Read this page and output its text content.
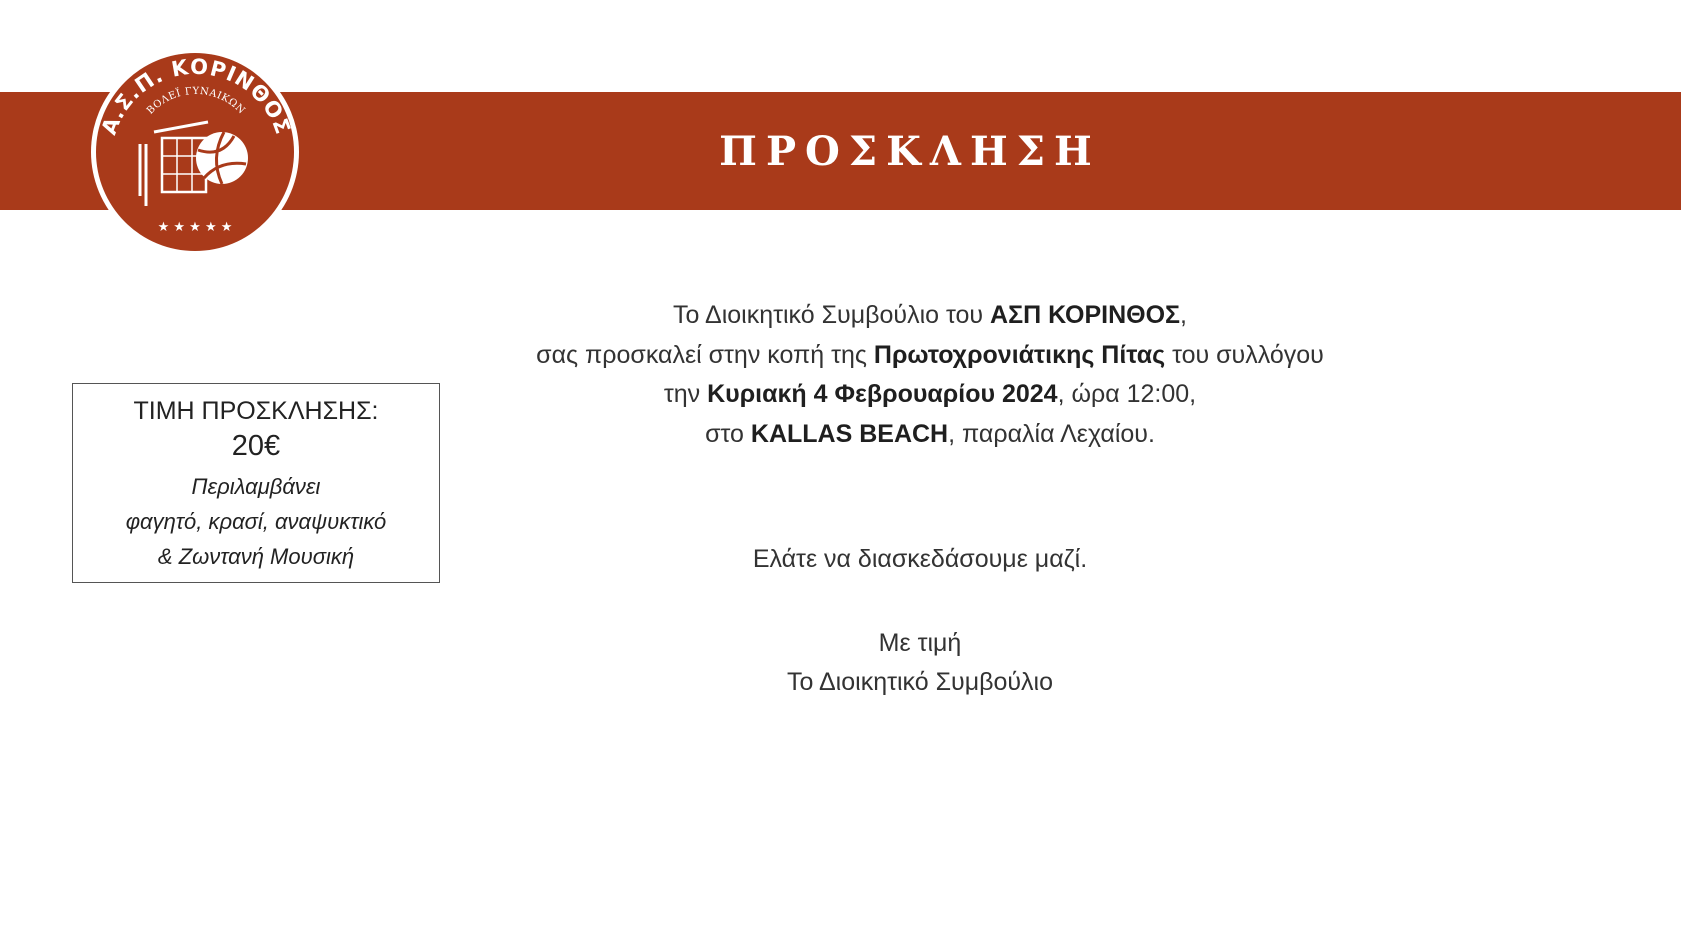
ΠΡΟΣΚΛΗΣΗ
Α.Σ.Π. ΚΟΡΙΝΘΟΣ
ΒΟΛΕΪ ΓΥΝΑΙΚΩΝ
★ ★ ★ ★ ★
ΤΙΜΗ ΠΡΟΣΚΛΗΣΗΣ:
20€
Περιλαμβάνει
φαγητό, κρασί, αναψυκτικό
& Ζωντανή Μουσική
Το Διοικητικό Συμβούλιο του ΑΣΠ ΚΟΡΙΝΘΟΣ,
σας προσκαλεί στην κοπή της Πρωτοχρονιάτικης Πίτας του συλλόγου
την Κυριακή 4 Φεβρουαρίου 2024, ώρα 12:00,
στο KALLAS BEACH, παραλία Λεχαίου.
Ελάτε να διασκεδάσουμε μαζί.
Με τιμή
Το Διοικητικό Συμβούλιο
